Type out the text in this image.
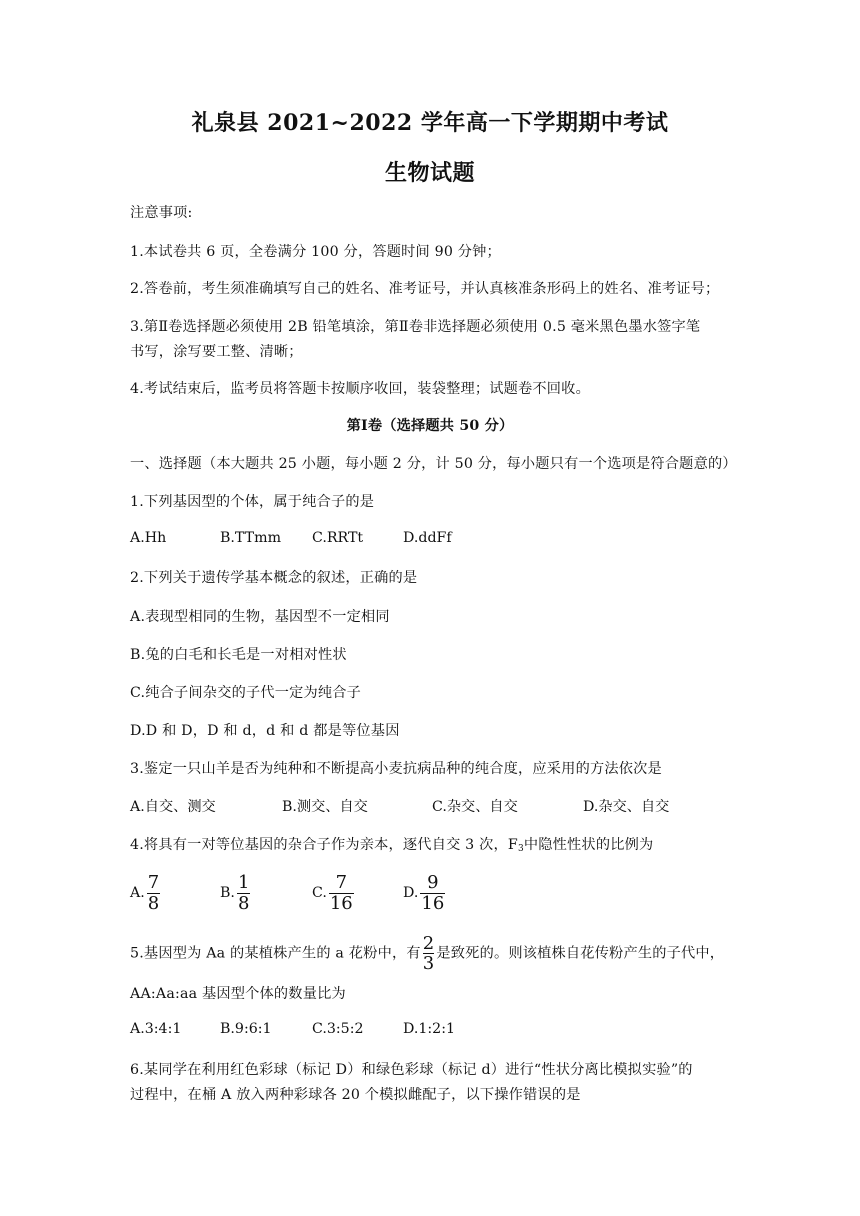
礼泉县 2021~2022 学年高一下学期期中考试
生物试题
注意事项:
1.本试卷共 6 页，全卷满分 100 分，答题时间 90 分钟；
2.答卷前，考生须准确填写自己的姓名、准考证号，并认真核准条形码上的姓名、准考证号；
3.第Ⅱ卷选择题必须使用 2B 铅笔填涂，第Ⅱ卷非选择题必须使用 0.5 毫米黑色墨水签字笔
书写，涂写要工整、清晰；
4.考试结束后，监考员将答题卡按顺序收回，装袋整理；试题卷不回收。
第Ⅰ卷（选择题共 50 分）
一、选择题（本大题共 25 小题，每小题 2 分，计 50 分，每小题只有一个选项是符合题意的）
1.下列基因型的个体，属于纯合子的是
A.Hh	B.TTmm C.RRTt	D.ddFf
2.下列关于遗传学基本概念的叙述，正确的是
A.表现型相同的生物，基因型不一定相同
B.兔的白毛和长毛是一对相对性状
C.纯合子间杂交的子代一定为纯合子
D.D 和 D，D 和 d，d 和 d 都是等位基因
3.鉴定一只山羊是否为纯种和不断提高小麦抗病品种的纯合度，应采用的方法依次是
A.自交、测交	B.测交、自交	C.杂交、自交	D.杂交、自交
4.将具有一对等位基因的杂合子作为亲本，逐代自交 3 次，$F_3$中隐性性状的比例为
A. $\frac{7}{8}$	B. $\frac{1}{8}$	C. $\frac{7}{16}$	D. $\frac{9}{16}$
5.基因型为 Aa 的某植株产生的 a 花粉中，有 $\frac{2}{3}$ 是致死的。则该植株自花传粉产生的子代中，
AA:Aa:aa 基因型个体的数量比为
A.3:4:1	B.9:6:1	C.3:5:2	D.1:2:1
6.某同学在利用红色彩球（标记 D）和绿色彩球（标记 d）进行“性状分离比模拟实验”的
过程中，在桶 A 放入两种彩球各 20 个模拟雌配子，以下操作错误的是
